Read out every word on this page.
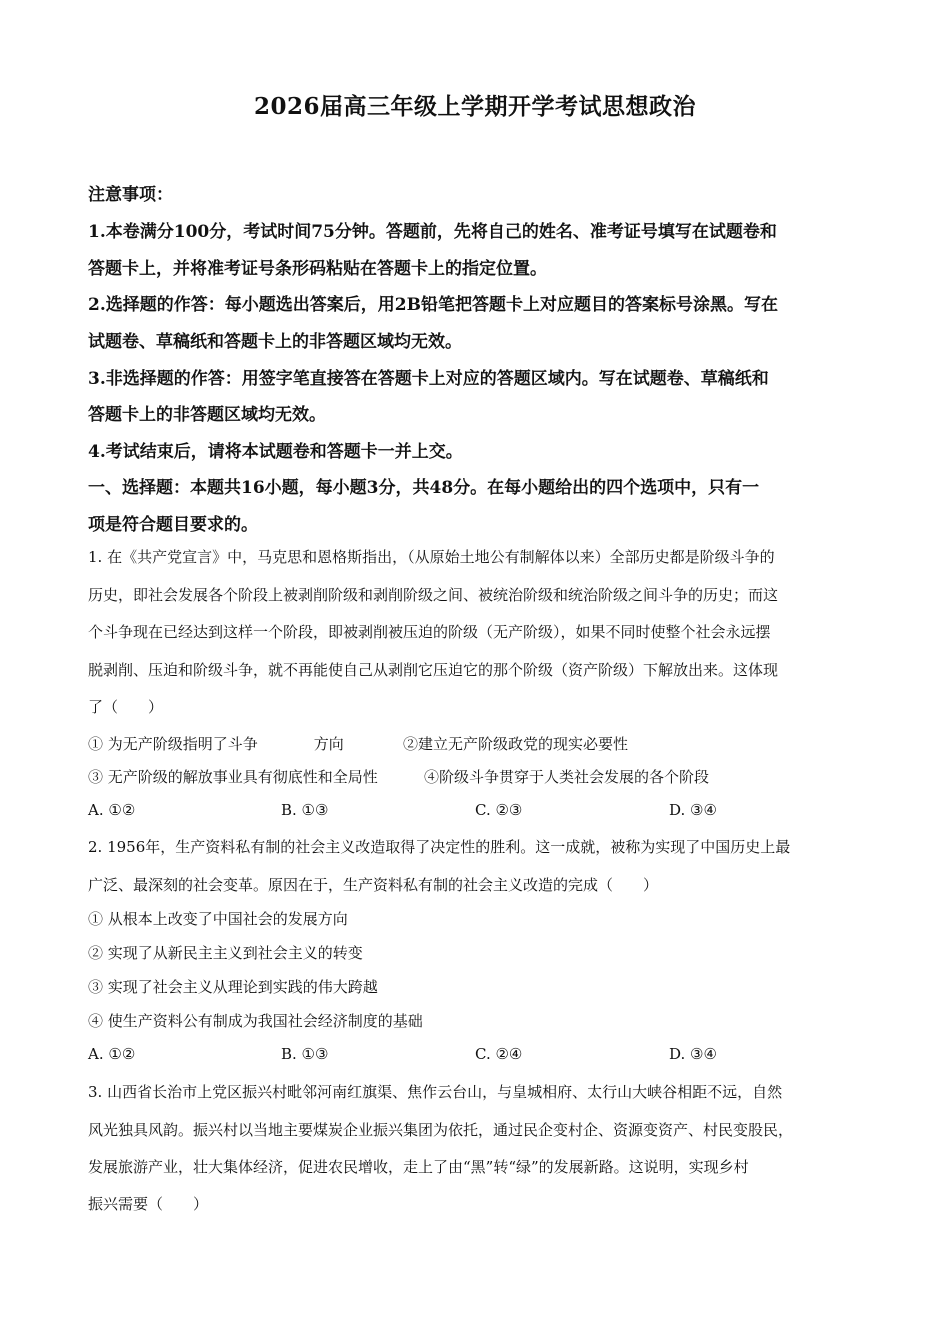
2026届高三年级上学期开学考试思想政治
注意事项：
1.本卷满分100分，考试时间75分钟。答题前，先将自己的姓名、准考证号填写在试题卷和
答题卡上，并将准考证号条形码粘贴在答题卡上的指定位置。
2.选择题的作答：每小题选出答案后，用2B铅笔把答题卡上对应题目的答案标号涂黑。写在
试题卷、草稿纸和答题卡上的非答题区域均无效。
3.非选择题的作答：用签字笔直接答在答题卡上对应的答题区域内。写在试题卷、草稿纸和
答题卡上的非答题区域均无效。
4.考试结束后，请将本试题卷和答题卡一并上交。
一、选择题：本题共16小题，每小题3分，共48分。在每小题给出的四个选项中，只有一
项是符合题目要求的。
1. 在《共产党宣言》中，马克思和恩格斯指出，（从原始土地公有制解体以来）全部历史都是阶级斗争的
历史，即社会发展各个阶段上被剥削阶级和剥削阶级之间、被统治阶级和统治阶级之间斗争的历史；而这
个斗争现在已经达到这样一个阶段，即被剥削被压迫的阶级（无产阶级），如果不同时使整个社会永远摆
脱剥削、压迫和阶级斗争，就不再能使自己从剥削它压迫它的那个阶级（资产阶级）下解放出来。这体现
了（　　）
① 为无产阶级指明了斗争	方向	②建立无产阶级政党的现实必要性
③ 无产阶级的解放事业具有彻底性和全局性	④阶级斗争贯穿于人类社会发展的各个阶段
A. ①②	B. ①③	C. ②③	D. ③④
2. 1956年，生产资料私有制的社会主义改造取得了决定性的胜利。这一成就，被称为实现了中国历史上最
广泛、最深刻的社会变革。原因在于，生产资料私有制的社会主义改造的完成（　　）
① 从根本上改变了中国社会的发展方向
② 实现了从新民主主义到社会主义的转变
③ 实现了社会主义从理论到实践的伟大跨越
④ 使生产资料公有制成为我国社会经济制度的基础
A. ①②	B. ①③	C. ②④	D. ③④
3. 山西省长治市上党区振兴村毗邻河南红旗渠、焦作云台山，与皇城相府、太行山大峡谷相距不远，自然
风光独具风韵。振兴村以当地主要煤炭企业振兴集团为依托，通过民企变村企、资源变资产、村民变股民，
发展旅游产业，壮大集体经济，促进农民增收，走上了由“黑”转“绿”的发展新路。这说明，实现乡村
振兴需要（　　）
